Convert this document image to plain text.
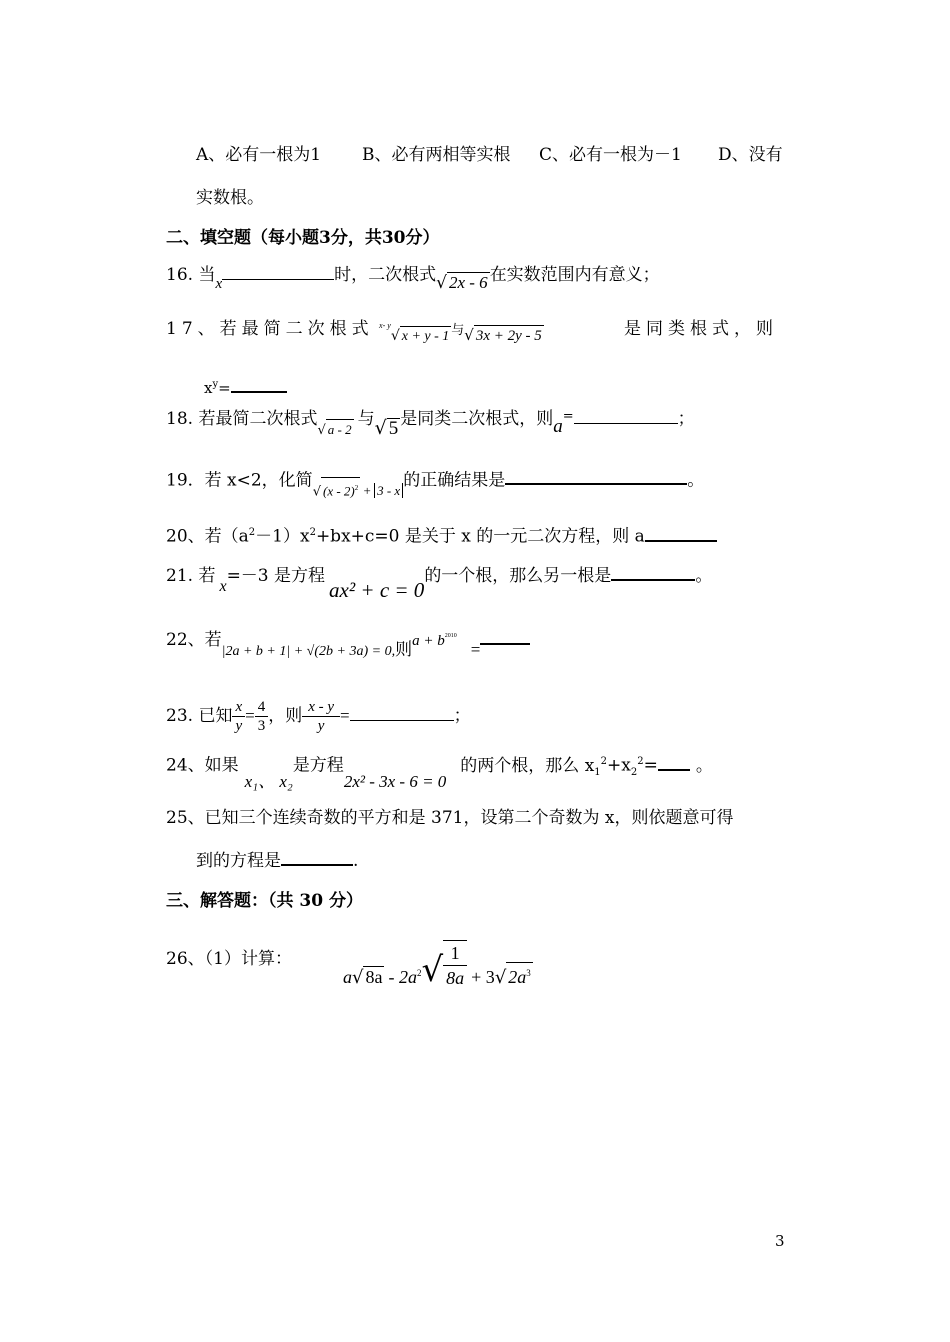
A、必有一根为1 B、必有两相等实根 C、必有一根为－1 D、没有
实数根。
二、填空题（每小题3分，共30分）
16. 当x	时，二次根式√ 2x - 6 在实数范围内有意义；
17、若最简二次根式 $^{x- y}$√ x + y - 1 与√ 3x + 2y - 5	是同类根式，则
$x^y=$
18. 若最简二次根式√ a - 2与√ 5 是同类二次根式，则a=	；
19．若 x<2，化简√ (x - 2)$^2$ $_+$ $_{3 - x}$的正确结果是	。
20、若$(a^2-1)x^2+bx+c=0$ 是关于 x 的一元二次方程，则 a
21. 若x=－3 是方程ax² + c = 0的一个根，那么另一根是	。
22、若$_{|2a + b + 1| + √(2b + 3a) = 0,}$则$a + b^{2010}=$
23. 已知 $\frac{x}{y} = \frac{4}{3}$ ，则 $\frac{x - y}{y}$ =	；
24、如果x₁、 x₂是方程2x² - 3x - 6 = 0的两个根，那么 $x_1^2+x_2^2=$ 。
25、已知三个连续奇数的平方和是 371，设第二个奇数为 x，则依题意可得
到的方程是	.
三、解答题：（共 30 分）
26、（1）计算：
a√ $8a - 2a^2√ \frac{1}{8a} + 3√$ $2a^3$
3
